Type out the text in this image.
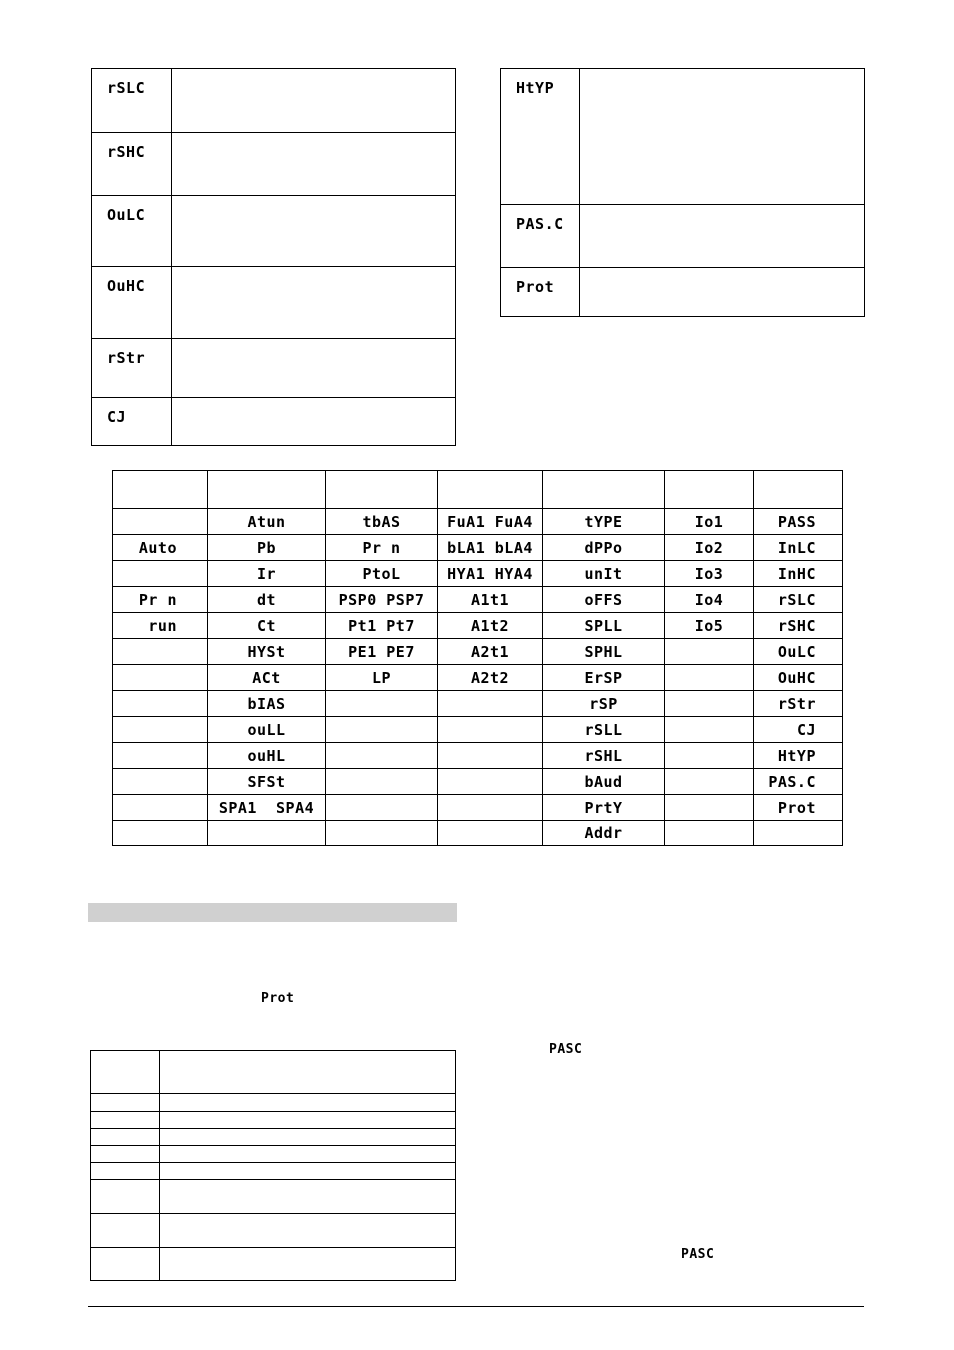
rSLC	
rSHC	
OuLC	
OuHC	
rStr	
CJ	
HtYP	
PAS.C	
Prot	

	Atun	tbAS	FuA1 FuA4	tYPE	Io1	PASS
Auto	Pb	Pr n	bLA1 bLA4	dPPo	Io2	InLC
	Ir	PtoL	HYA1 HYA4	unIt	Io3	InHC
Pr n	dt	PSP0 PSP7	A1t1	oFFS	Io4	rSLC
run	Ct	Pt1 Pt7	A1t2	SPLL	Io5	rSHC
	HYSt	PE1 PE7	A2t1	SPHL		OuLC
	ACt	LP	A2t2	ErSP		OuHC
	bIAS			rSP		rStr
	ouLL			rSLL		CJ
	ouHL			rSHL		HtYP
	SFSt			bAud		PAS.C
	SPA1  SPA4			PrtY		Prot
				Addr		
Prot
PASC
PASC
